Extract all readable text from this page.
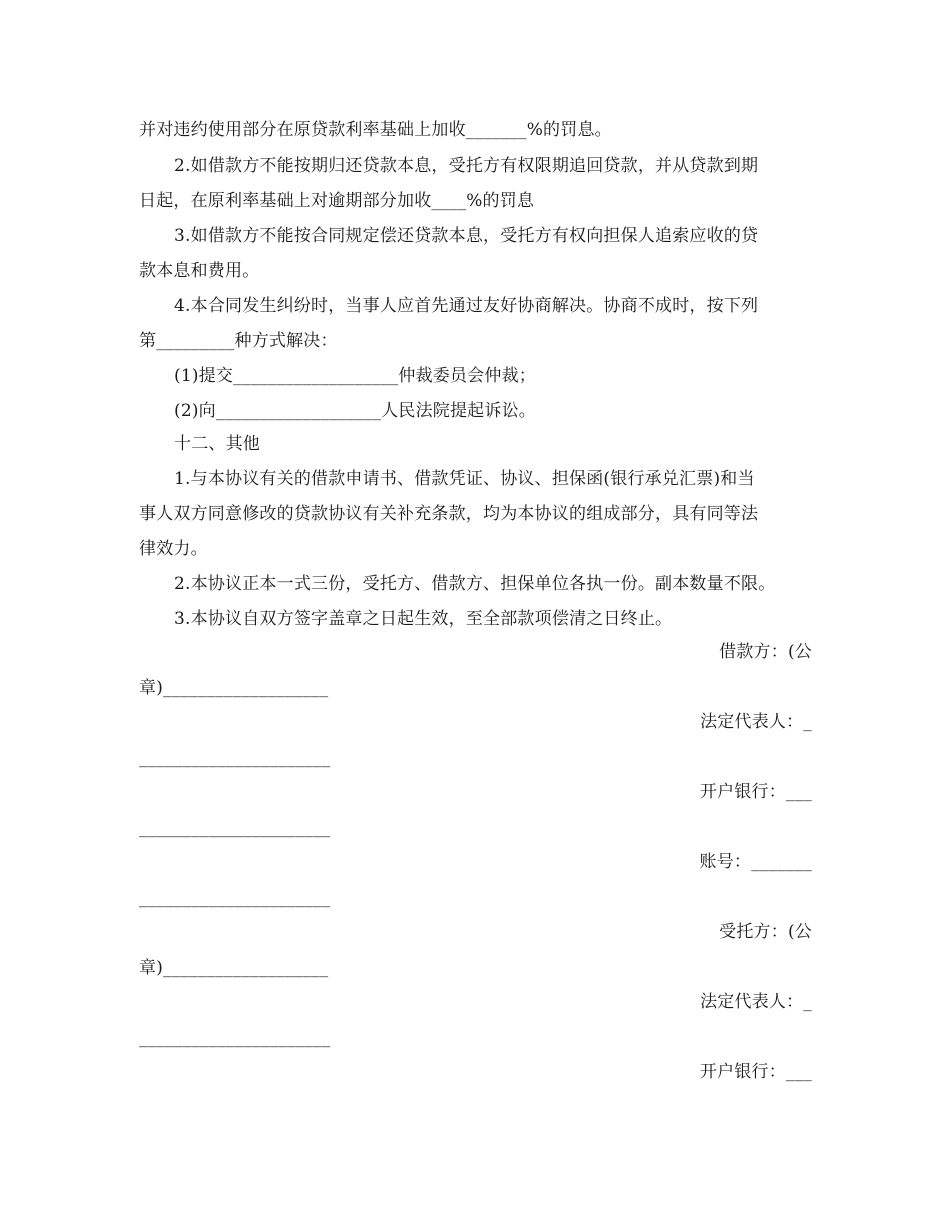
并对违约使用部分在原贷款利率基础上加收_______%的罚息。
2.如借款方不能按期归还贷款本息，受托方有权限期追回贷款，并从贷款到期
日起，在原利率基础上对逾期部分加收____%的罚息
3.如借款方不能按合同规定偿还贷款本息，受托方有权向担保人追索应收的贷
款本息和费用。
4.本合同发生纠纷时，当事人应首先通过友好协商解决。协商不成时，按下列
第_________种方式解决：
(1)提交___________________仲裁委员会仲裁；
(2)向___________________人民法院提起诉讼。
十二、其他
1.与本协议有关的借款申请书、借款凭证、协议、担保函(银行承兑汇票)和当
事人双方同意修改的贷款协议有关补充条款，均为本协议的组成部分，具有同等法
律效力。
2.本协议正本一式三份，受托方、借款方、担保单位各执一份。副本数量不限。
3.本协议自双方签字盖章之日起生效，至全部款项偿清之日终止。
借款方：(公
章)___________________
法定代表人：_
______________________
开户银行：___
______________________
账号：_______
______________________
受托方：(公
章)___________________
法定代表人：_
______________________
开户银行：___
